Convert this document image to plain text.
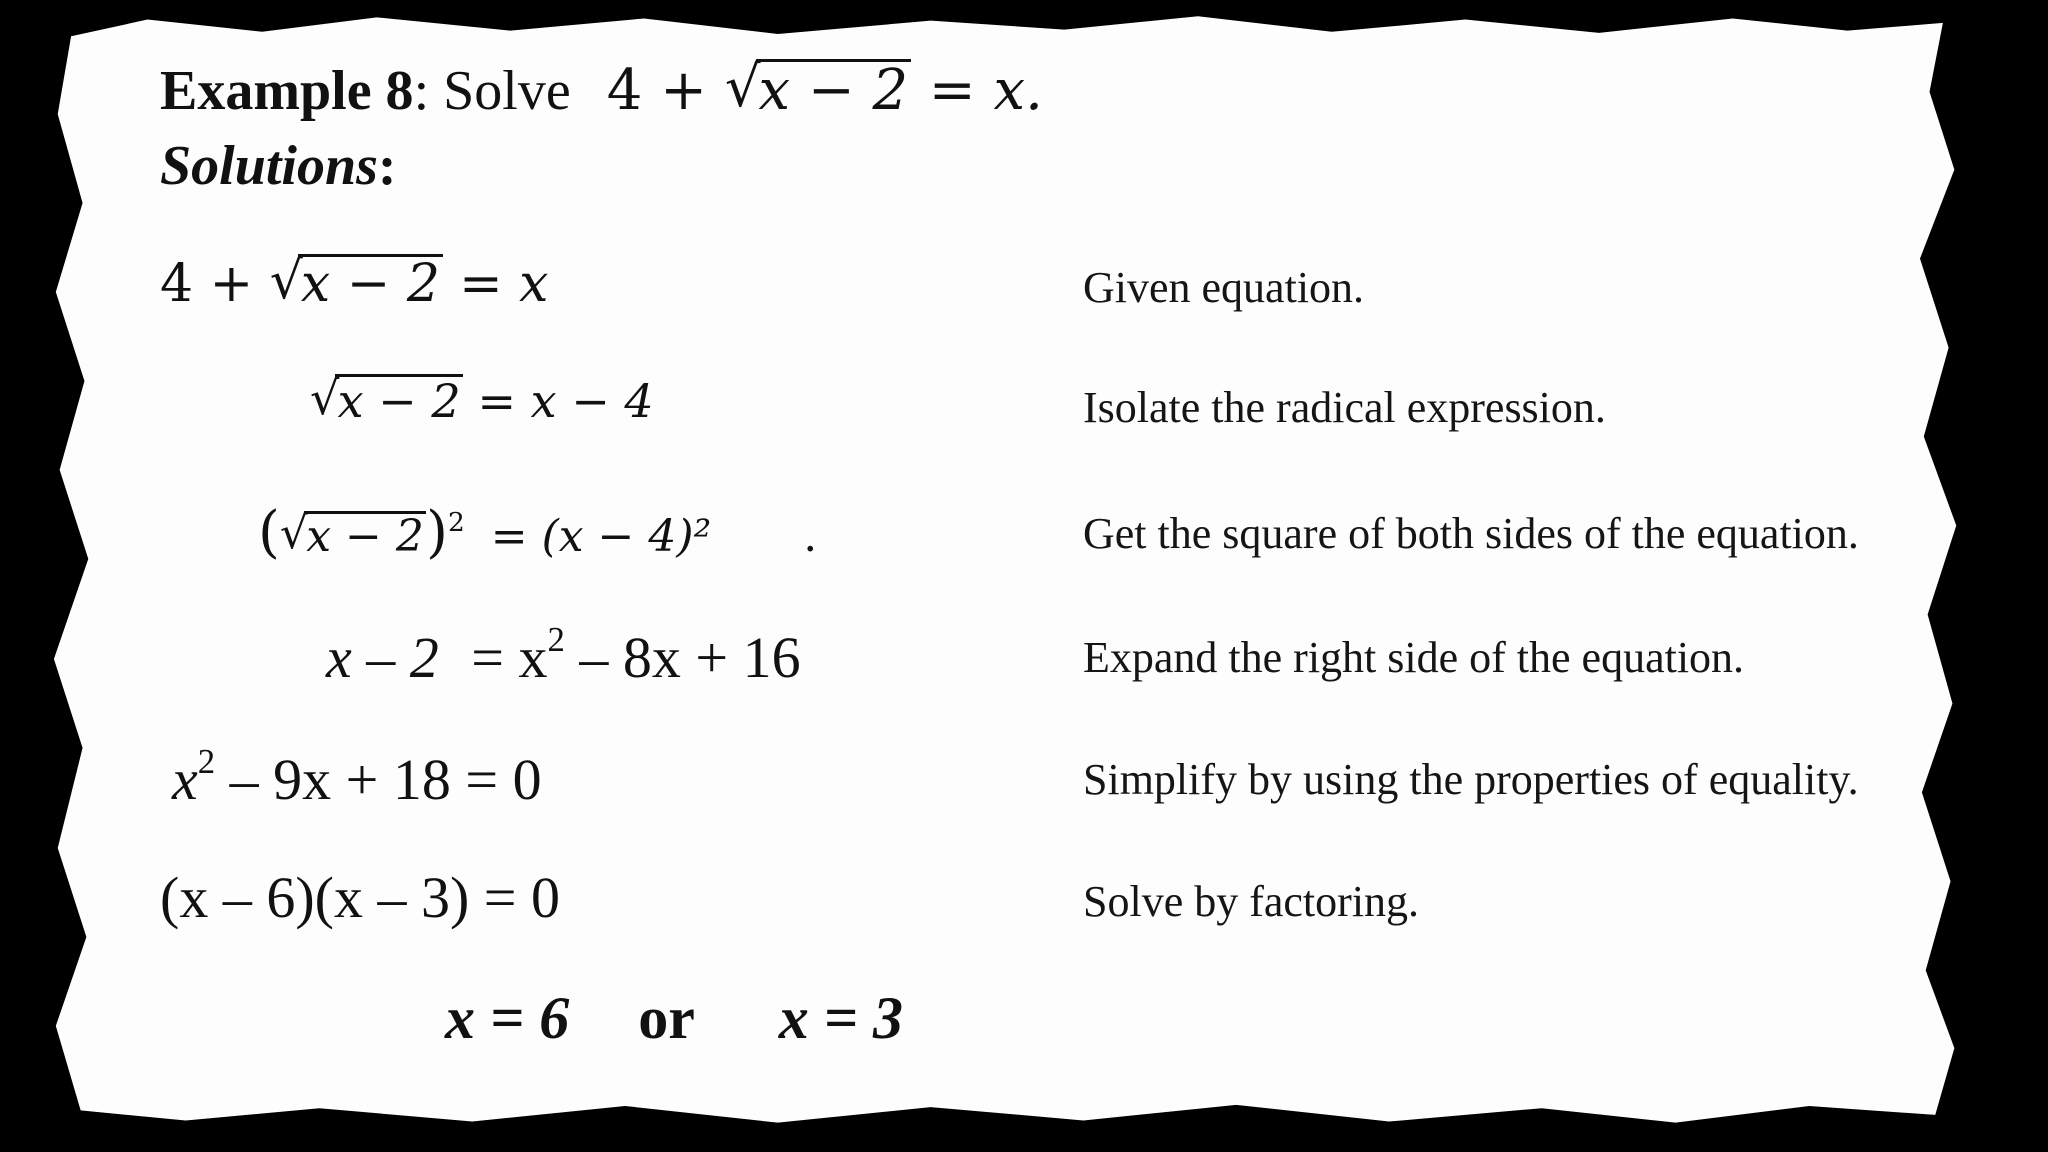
Example 8: Solve 4 + √
x − 2 = x.
Solutions:
4 + √
x − 2 = x	Given equation.
√
x − 2 = x − 4	Isolate the radical expression.
( √
x − 2)$^2$ = (x − 4)² .	Get the square of both sides of the equation.
$x - 2 = x^2 - 8x + 16$	Expand the right side of the equation.
$x^2 - 9x + 18 = 0$	Simplify by using the properties of equality.
(x – 6)(x – 3) = 0	Solve by factoring.
x = 6 or x = 3
